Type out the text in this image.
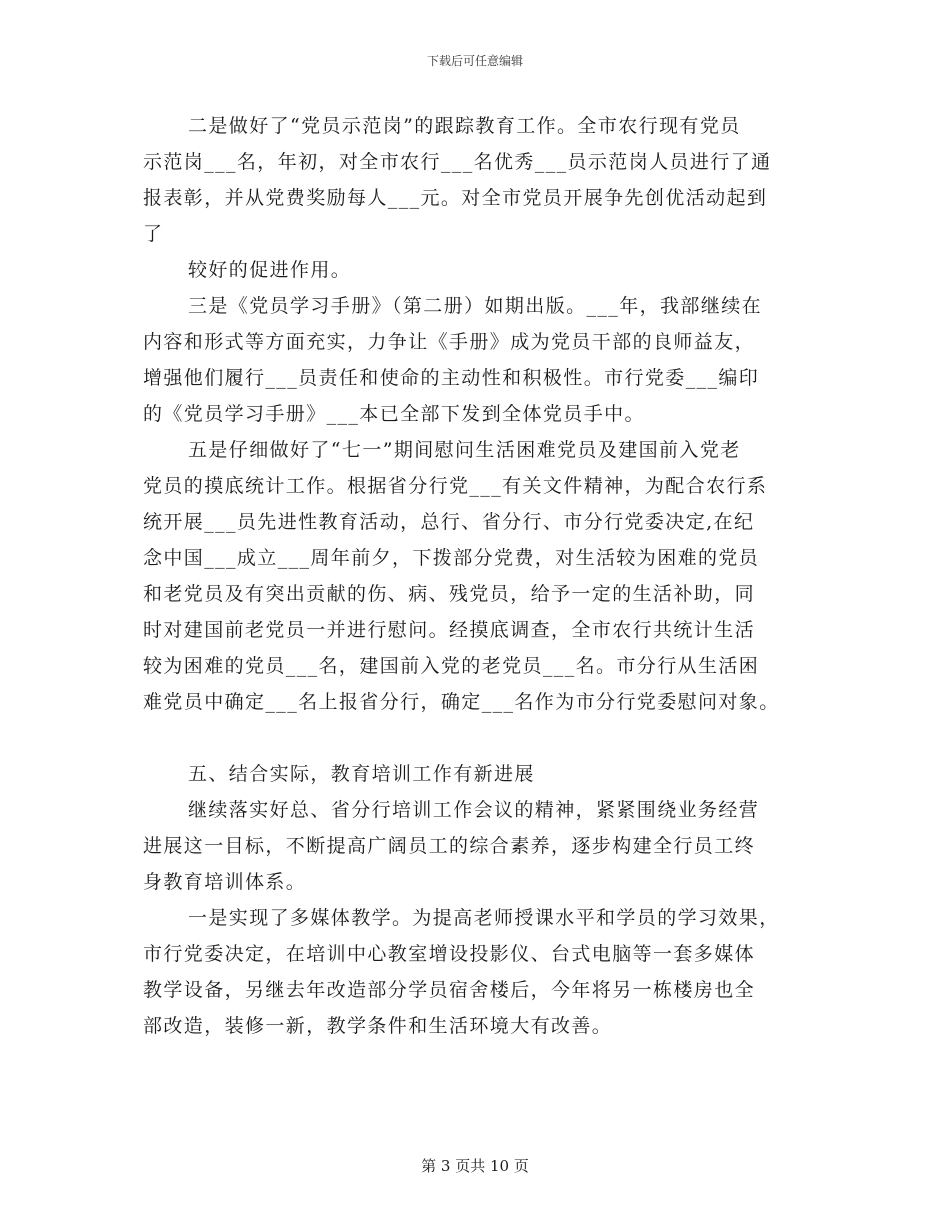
下载后可任意编辑
二是做好了“党员示范岗”的跟踪教育工作。全市农行现有党员
示范岗___名，年初，对全市农行___名优秀___员示范岗人员进行了通
报表彰，并从党费奖励每人___元。对全市党员开展争先创优活动起到
了
较好的促进作用。
三是《党员学习手册》（第二册）如期出版。___年，我部继续在
内容和形式等方面充实，力争让《手册》成为党员干部的良师益友，
增强他们履行___员责任和使命的主动性和积极性。市行党委___编印
的《党员学习手册》___本已全部下发到全体党员手中。
五是仔细做好了“七一”期间慰问生活困难党员及建国前入党老
党员的摸底统计工作。根据省分行党___有关文件精神，为配合农行系
统开展___员先进性教育活动，总行、省分行、市分行党委决定,在纪
念中国___成立___周年前夕，下拨部分党费，对生活较为困难的党员
和老党员及有突出贡献的伤、病、残党员，给予一定的生活补助，同
时对建国前老党员一并进行慰问。经摸底调查，全市农行共统计生活
较为困难的党员___名，建国前入党的老党员___名。市分行从生活困
难党员中确定___名上报省分行，确定___名作为市分行党委慰问对象。
五、结合实际，教育培训工作有新进展
继续落实好总、省分行培训工作会议的精神，紧紧围绕业务经营
进展这一目标，不断提高广阔员工的综合素养，逐步构建全行员工终
身教育培训体系。
一是实现了多媒体教学。为提高老师授课水平和学员的学习效果，
市行党委决定，在培训中心教室增设投影仪、台式电脑等一套多媒体
教学设备，另继去年改造部分学员宿舍楼后，今年将另一栋楼房也全
部改造，装修一新，教学条件和生活环境大有改善。
第 3 页共 10 页
